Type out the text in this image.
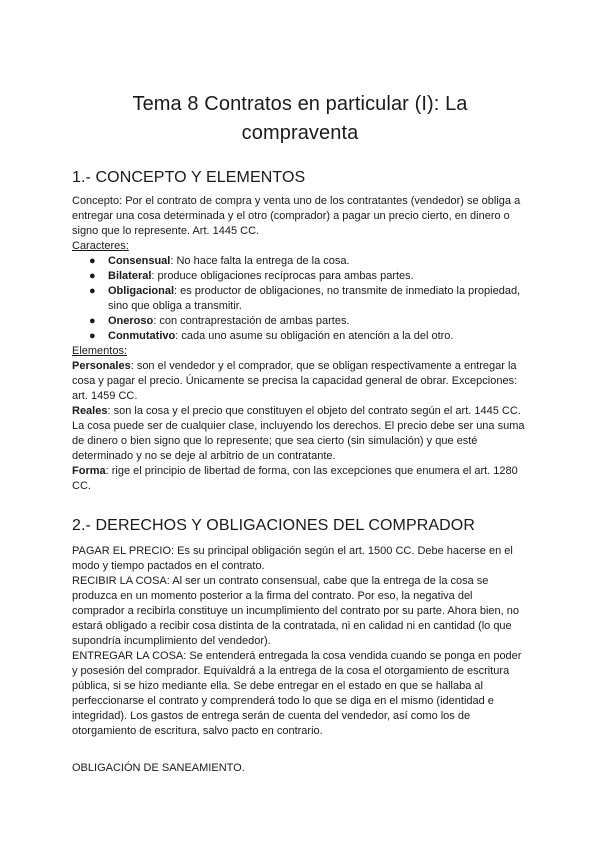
Tema 8 Contratos en particular (I): La compraventa
1.- CONCEPTO Y ELEMENTOS

Concepto: Por el contrato de compra y venta uno de los contratantes (vendedor) se obliga a entregar una cosa determinada y el otro (comprador) a pagar un precio cierto, en dinero o signo que lo represente. Art. 1445 CC.

Caracteres:

● Consensual: No hace falta la entrega de la cosa.
● Bilateral: produce obligaciones recíprocas para ambas partes.
● Obligacional: es productor de obligaciones, no transmite de inmediato la propiedad, sino que obliga a transmitir.
● Oneroso: con contraprestación de ambas partes.
● Conmutativo: cada uno asume su obligación en atención a la del otro.

Elementos:

Personales: son el vendedor y el comprador, que se obligan respectivamente a entregar la cosa y pagar el precio. Únicamente se precisa la capacidad general de obrar. Excepciones: art. 1459 CC.

Reales: son la cosa y el precio que constituyen el objeto del contrato según el art. 1445 CC. La cosa puede ser de cualquier clase, incluyendo los derechos. El precio debe ser una suma de dinero o bien signo que lo represente; que sea cierto (sin simulación) y que esté determinado y no se deje al arbitrio de un contratante.

Forma: rige el principio de libertad de forma, con las excepciones que enumera el art. 1280 CC.

2.- DERECHOS Y OBLIGACIONES DEL COMPRADOR

PAGAR EL PRECIO: Es su principal obligación según el art. 1500 CC. Debe hacerse en el modo y tiempo pactados en el contrato.

RECIBIR LA COSA: Al ser un contrato consensual, cabe que la entrega de la cosa se produzca en un momento posterior a la firma del contrato. Por eso, la negativa del comprador a recibirla constituye un incumplimiento del contrato por su parte. Ahora bien, no estará obligado a recibir cosa distinta de la contratada, ni en calidad ni en cantidad (lo que supondría incumplimiento del vendedor).

ENTREGAR LA COSA: Se entenderá entregada la cosa vendida cuando se ponga en poder y posesión del comprador. Equivaldrá a la entrega de la cosa el otorgamiento de escritura pública, si se hizo mediante ella. Se debe entregar en el estado en que se hallaba al perfeccionarse el contrato y comprenderá todo lo que se diga en el mismo (identidad e integridad). Los gastos de entrega serán de cuenta del vendedor, así como los de otorgamiento de escritura, salvo pacto en contrario.

OBLIGACIÓN DE SANEAMIENTO.
